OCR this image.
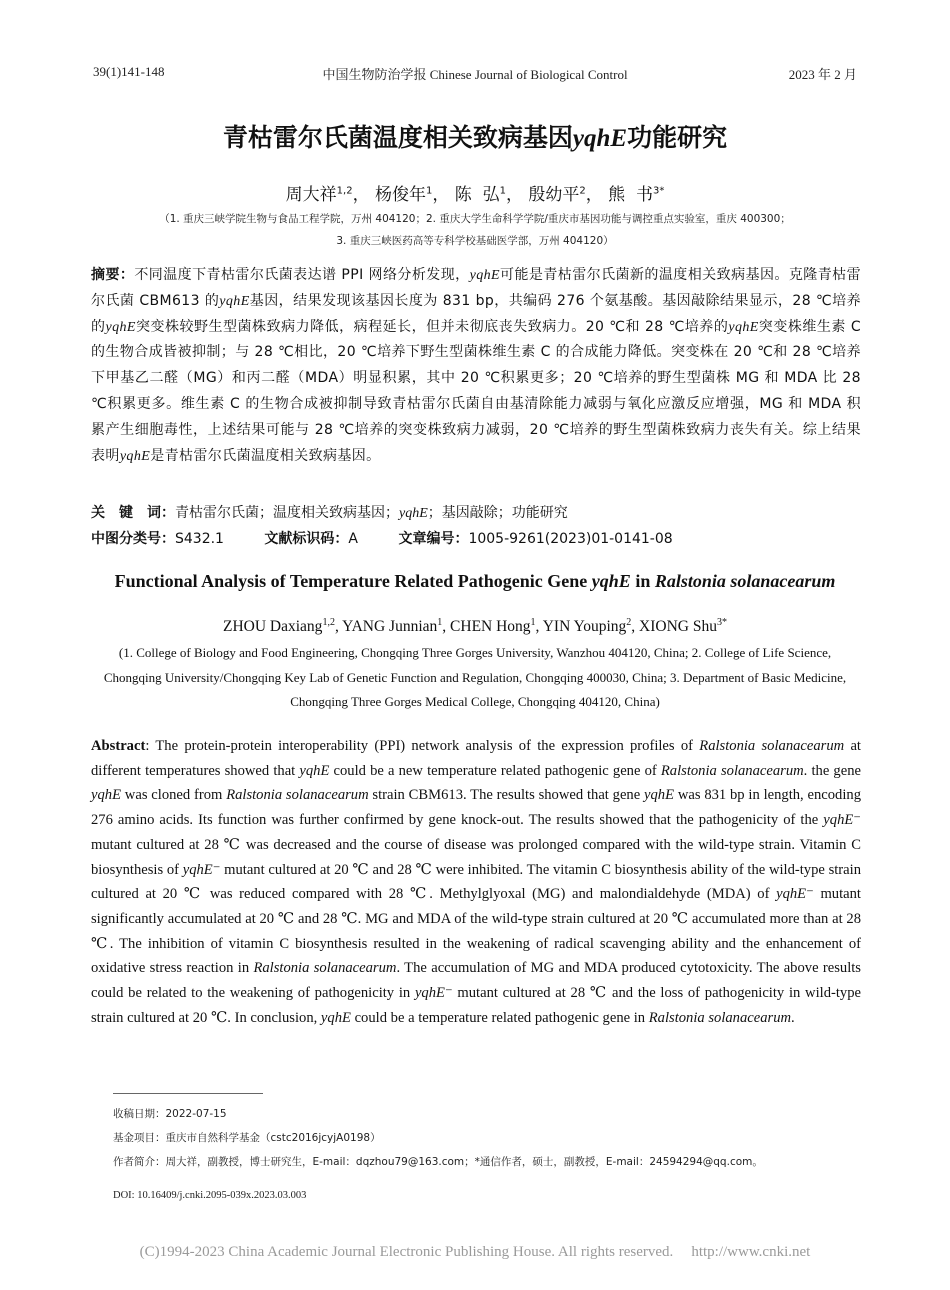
39(1)141-148	中国生物防治学报 Chinese Journal of Biological Control	2023 年 2 月
青枯雷尔氏菌温度相关致病基因yqhE功能研究
周大祥$^{1,2}$， 杨俊年$^1$， 陈  弘$^1$， 殷幼平$^2$， 熊  书$^{3*}$
（1. 重庆三峡学院生物与食品工程学院，万州 404120；2. 重庆大学生命科学学院/重庆市基因功能与调控重点实验室，重庆 400300；
3. 重庆三峡医药高等专科学校基础医学部，万州 404120）
摘要：不同温度下青枯雷尔氏菌表达谱 PPI 网络分析发现，yqhE可能是青枯雷尔氏菌新的温度相关致病基因。克隆青枯雷尔氏菌 CBM613 的yqhE基因，结果发现该基因长度为 831 bp，共编码 276 个氨基酸。基因敲除结果显示，28 ℃培养的yqhE突变株较野生型菌株致病力降低，病程延长，但并未彻底丧失致病力。20 ℃和 28 ℃培养的yqhE突变株维生素 C 的生物合成皆被抑制；与 28 ℃相比，20 ℃培养下野生型菌株维生素 C 的合成能力降低。突变株在 20 ℃和 28 ℃培养下甲基乙二醛（MG）和丙二醛（MDA）明显积累，其中 20 ℃积累更多；20 ℃培养的野生型菌株 MG 和 MDA 比 28 ℃积累更多。维生素 C 的生物合成被抑制导致青枯雷尔氏菌自由基清除能力减弱与氧化应激反应增强，MG 和 MDA 积累产生细胞毒性，上述结果可能与 28 ℃培养的突变株致病力减弱，20 ℃培养的野生型菌株致病力丧失有关。综上结果表明yqhE是青枯雷尔氏菌温度相关致病基因。
关　键　词：青枯雷尔氏菌；温度相关致病基因；yqhE；基因敲除；功能研究
中图分类号：S432.1	文献标识码：A	文章编号：1005-9261(2023)01-0141-08
Functional Analysis of Temperature Related Pathogenic Gene yqhE in Ralstonia solanacearum
ZHOU Daxiang$^{1,2}$, YANG Junnian$^1$, CHEN Hong$^1$, YIN Youping$^2$, XIONG Shu$^{3*}$
(1. College of Biology and Food Engineering, Chongqing Three Gorges University, Wanzhou 404120, China; 2. College of Life Science, Chongqing University/Chongqing Key Lab of Genetic Function and Regulation, Chongqing 400030, China; 3. Department of Basic Medicine, Chongqing Three Gorges Medical College, Chongqing 404120, China)
Abstract: The protein-protein interoperability (PPI) network analysis of the expression profiles of Ralstonia solanacearum at different temperatures showed that yqhE could be a new temperature related pathogenic gene of Ralstonia solanacearum. the gene yqhE was cloned from Ralstonia solanacearum strain CBM613. The results showed that gene yqhE was 831 bp in length, encoding 276 amino acids. Its function was further confirmed by gene knock-out. The results showed that the pathogenicity of the yqhE⁻ mutant cultured at 28 ℃ was decreased and the course of disease was prolonged compared with the wild-type strain. Vitamin C biosynthesis of yqhE⁻ mutant cultured at 20 ℃ and 28 ℃ were inhibited. The vitamin C biosynthesis ability of the wild-type strain cultured at 20 ℃ was reduced compared with 28 ℃. Methylglyoxal (MG) and malondialdehyde (MDA) of yqhE⁻ mutant significantly accumulated at 20 ℃ and 28 ℃. MG and MDA of the wild-type strain cultured at 20 ℃ accumulated more than at 28 ℃. The inhibition of vitamin C biosynthesis resulted in the weakening of radical scavenging ability and the enhancement of oxidative stress reaction in Ralstonia solanacearum. The accumulation of MG and MDA produced cytotoxicity. The above results could be related to the weakening of pathogenicity in yqhE⁻ mutant cultured at 28 ℃ and the loss of pathogenicity in wild-type strain cultured at 20 ℃. In conclusion, yqhE could be a temperature related pathogenic gene in Ralstonia solanacearum.
收稿日期：2022-07-15
基金项目：重庆市自然科学基金（cstc2016jcyjA0198）
作者简介：周大祥，副教授，博士研究生，E-mail：dqzhou79@163.com；*通信作者，硕士，副教授，E-mail：24594294@qq.com。
DOI: 10.16409/j.cnki.2095-039x.2023.03.003
(C)1994-2023 China Academic Journal Electronic Publishing House. All rights reserved. http://www.cnki.net
